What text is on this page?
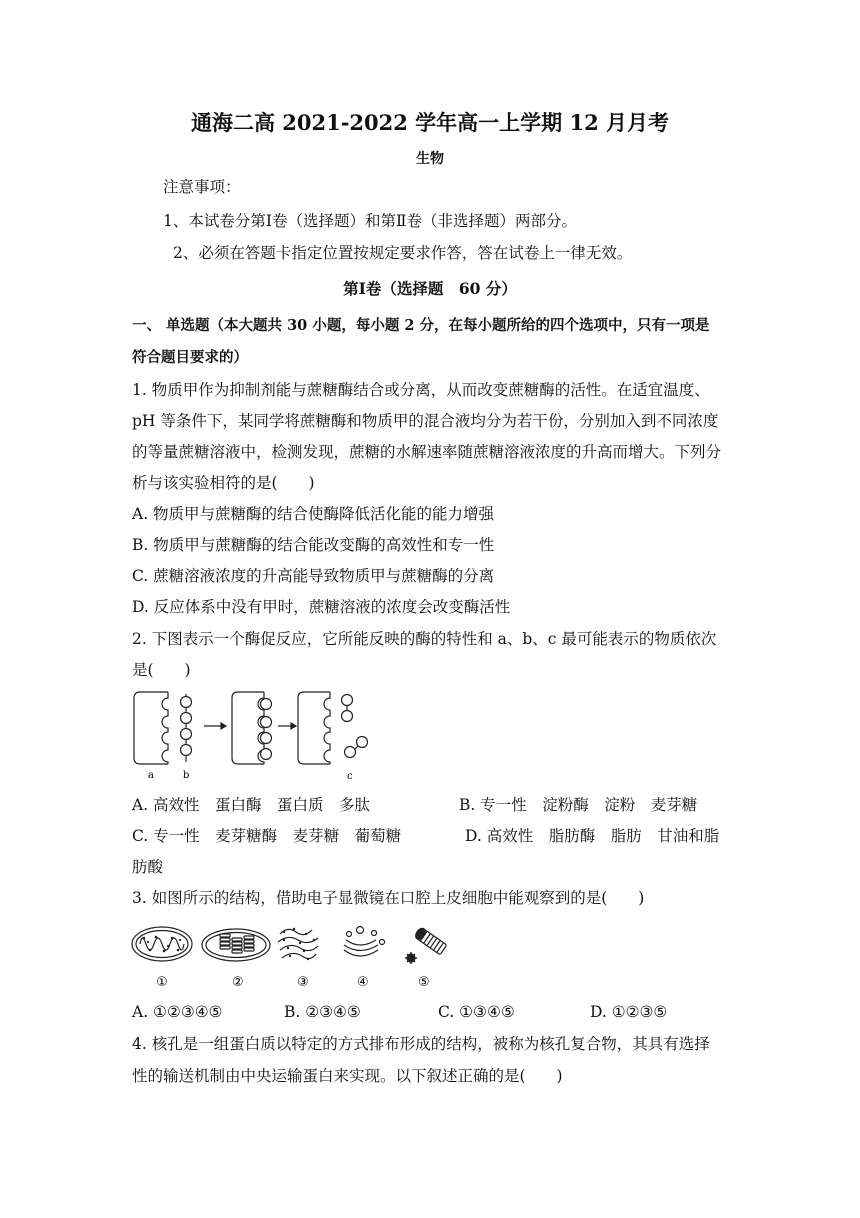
通海二高 2021-2022 学年高一上学期 12 月月考
生物
注意事项：
1、本试卷分第Ⅰ卷（选择题）和第Ⅱ卷（非选择题）两部分。
2、必须在答题卡指定位置按规定要求作答，答在试卷上一律无效。
第Ⅰ卷（选择题　60 分）
一、 单选题（本大题共 30 小题，每小题 2 分，在每小题所给的四个选项中，只有一项是
符合题目要求的）
1. 物质甲作为抑制剂能与蔗糖酶结合或分离，从而改变蔗糖酶的活性。在适宜温度、
pH 等条件下，某同学将蔗糖酶和物质甲的混合液均分为若干份，分别加入到不同浓度
的等量蔗糖溶液中，检测发现，蔗糖的水解速率随蔗糖溶液浓度的升高而增大。下列分
析与该实验相符的是(　　)
A. 物质甲与蔗糖酶的结合使酶降低活化能的能力增强
B. 物质甲与蔗糖酶的结合能改变酶的高效性和专一性
C. 蔗糖溶液浓度的升高能导致物质甲与蔗糖酶的分离
D. 反应体系中没有甲时，蔗糖溶液的浓度会改变酶活性
2. 下图表示一个酶促反应，它所能反映的酶的特性和 a、b、c 最可能表示的物质依次
是(　　)
a	b	c
A. 高效性　蛋白酶　蛋白质　多肽	B. 专一性　淀粉酶　淀粉　麦芽糖
C. 专一性　麦芽糖酶　麦芽糖　葡萄糖	D. 高效性　脂肪酶　脂肪　甘油和脂
肪酸
3. 如图所示的结构，借助电子显微镜在口腔上皮细胞中能观察到的是(　　)
①	②	③	④	⑤
A. ①②③④⑤	B. ②③④⑤	C. ①③④⑤	D. ①②③⑤
4. 核孔是一组蛋白质以特定的方式排布形成的结构，被称为核孔复合物，其具有选择
性的输送机制由中央运输蛋白来实现。以下叙述正确的是(　　)
